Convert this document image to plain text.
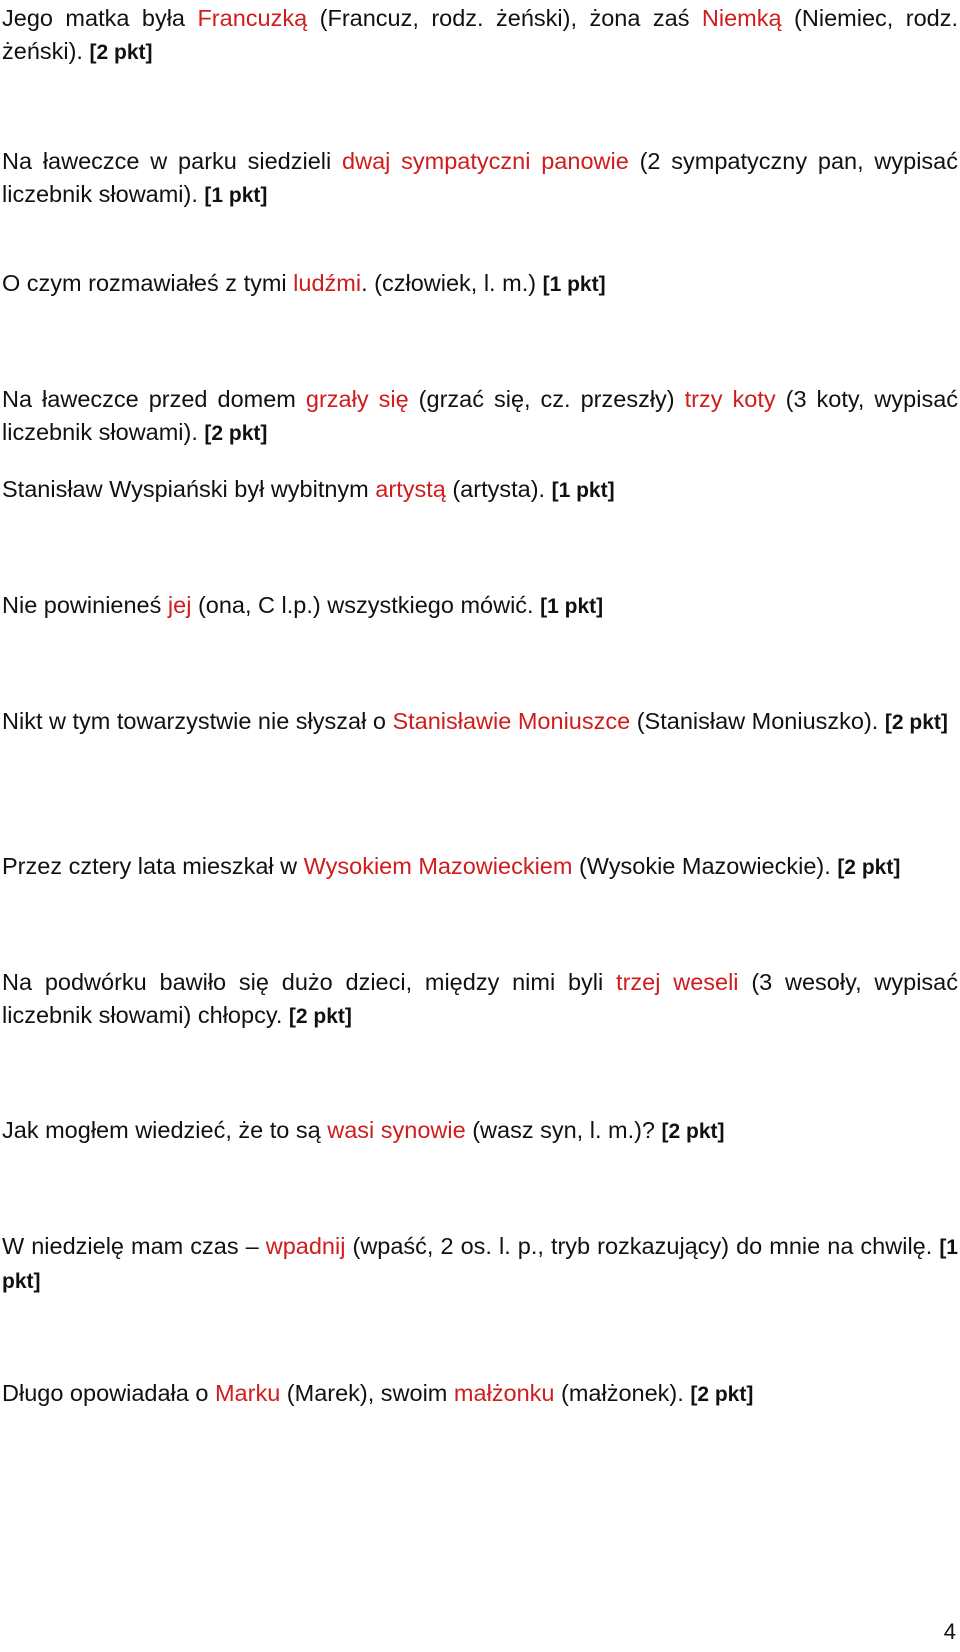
Jego matka była Francuzką (Francuz, rodz. żeński), żona zaś Niemką (Niemiec, rodz. żeński). [2 pkt]

Na ławeczce w parku siedzieli dwaj sympatyczni panowie (2 sympatyczny pan, wypisać liczebnik słowami). [1 pkt]

O czym rozmawiałeś z tymi ludźmi. (człowiek, l. m.) [1 pkt]

Na ławeczce przed domem grzały się (grzać się, cz. przeszły) trzy koty (3 koty, wypisać liczebnik słowami). [2 pkt]

Stanisław Wyspiański był wybitnym artystą (artysta). [1 pkt]

Nie powinieneś jej (ona, C l.p.) wszystkiego mówić. [1 pkt]

Nikt w tym towarzystwie nie słyszał o Stanisławie Moniuszce (Stanisław Moniuszko). [2 pkt]

Przez cztery lata mieszkał w Wysokiem Mazowieckiem (Wysokie Mazowieckie). [2 pkt]

Na podwórku bawiło się dużo dzieci, między nimi byli trzej weseli (3 wesoły, wypisać liczebnik słowami) chłopcy. [2 pkt]

Jak mogłem wiedzieć, że to są wasi synowie (wasz syn, l. m.)? [2 pkt]

W niedzielę mam czas – wpadnij (wpaść, 2 os. l. p., tryb rozkazujący) do mnie na chwilę. [1 pkt]

Długo opowiadała o Marku (Marek), swoim małżonku (małżonek). [2 pkt]

4
